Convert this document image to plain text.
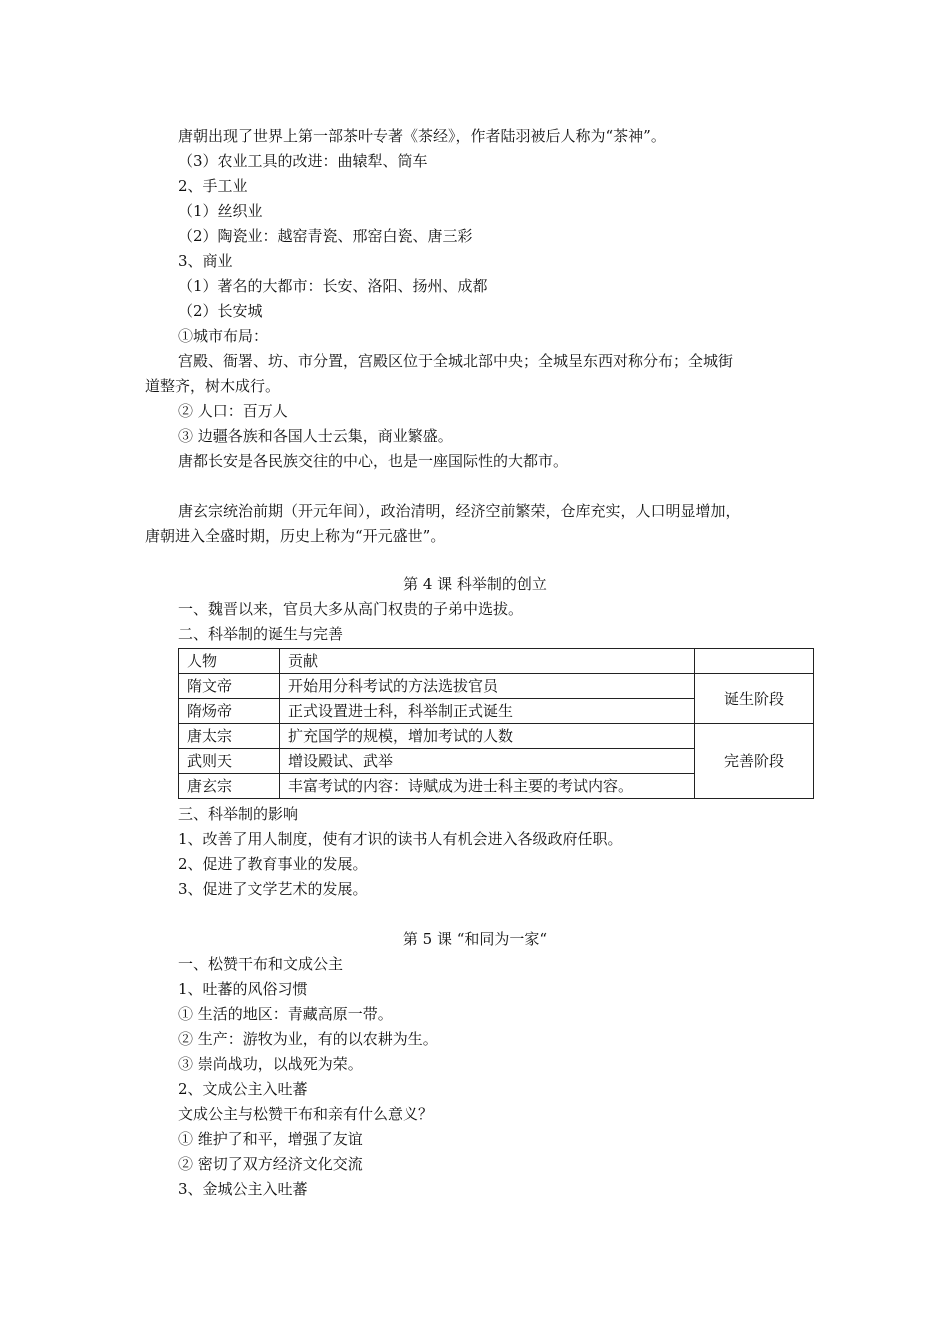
唐朝出现了世界上第一部茶叶专著《茶经》，作者陆羽被后人称为“茶神”。
（3）农业工具的改进：曲辕犁、筒车
2、手工业
（1）丝织业
（2）陶瓷业：越窑青瓷、邢窑白瓷、唐三彩
3、商业
（1）著名的大都市：长安、洛阳、扬州、成都
（2）长安城
①城市布局：
宫殿、衙署、坊、市分置，宫殿区位于全城北部中央；全城呈东西对称分布；全城街
道整齐，树木成行。
② 人口：百万人
③ 边疆各族和各国人士云集，商业繁盛。
唐都长安是各民族交往的中心，也是一座国际性的大都市。
唐玄宗统治前期（开元年间），政治清明，经济空前繁荣，仓库充实，人口明显增加，
唐朝进入全盛时期，历史上称为“开元盛世”。
第 4 课 科举制的创立
一、魏晋以来，官员大多从高门权贵的子弟中选拔。
二、科举制的诞生与完善
人物	贡献	
隋文帝	开始用分科考试的方法选拔官员	诞生阶段
隋炀帝	正式设置进士科，科举制正式诞生	
唐太宗	扩充国学的规模，增加考试的人数	完善阶段
武则天	增设殿试、武举	
唐玄宗	丰富考试的内容：诗赋成为进士科主要的考试内容。	
三、科举制的影响
1、改善了用人制度，使有才识的读书人有机会进入各级政府任职。
2、促进了教育事业的发展。
3、促进了文学艺术的发展。
第 5 课 “和同为一家“
一、松赞干布和文成公主
1、吐蕃的风俗习惯
① 生活的地区：青藏高原一带。
② 生产：游牧为业，有的以农耕为生。
③ 崇尚战功，以战死为荣。
2、文成公主入吐蕃
文成公主与松赞干布和亲有什么意义？
① 维护了和平，增强了友谊
② 密切了双方经济文化交流
3、金城公主入吐蕃
